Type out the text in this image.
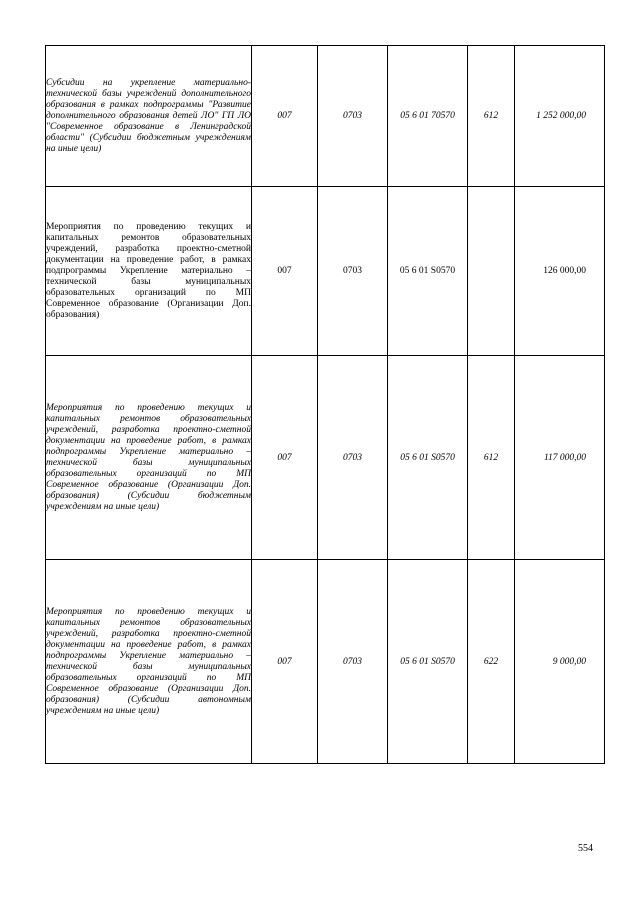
Субсидии на укрепление материально-технической базы учреждений дополнительного образования в рамках подпрограммы "Развитие дополнительного образования детей ЛО" ГП ЛО "Современное образование в Ленинградской области" (Субсидии бюджетным учреждениям на иные цели)	007	0703	05 6 01 70570	612	1 252 000,00
Мероприятия по проведению текущих и капитальных ремонтов образовательных учреждений, разработка проектно-сметной документации на проведение работ, в рамках подпрограммы Укрепление материально – технической базы муниципальных образовательных организаций по МП Современное образование (Организации Доп. образования)	007	0703	05 6 01 S0570		126 000,00
Мероприятия по проведению текущих и капитальных ремонтов образовательных учреждений, разработка проектно-сметной документации на проведение работ, в рамках подпрограммы Укрепление материально – технической базы муниципальных образовательных организаций по МП Современное образование (Организации Доп. образования) (Субсидии бюджетным учреждениям на иные цели)	007	0703	05 6 01 S0570	612	117 000,00
Мероприятия по проведению текущих и капитальных ремонтов образовательных учреждений, разработка проектно-сметной документации на проведение работ, в рамках подпрограммы Укрепление материально – технической базы муниципальных образовательных организаций по МП Современное образование (Организации Доп. образования) (Субсидии автономным учреждениям на иные цели)	007	0703	05 6 01 S0570	622	9 000,00
554
